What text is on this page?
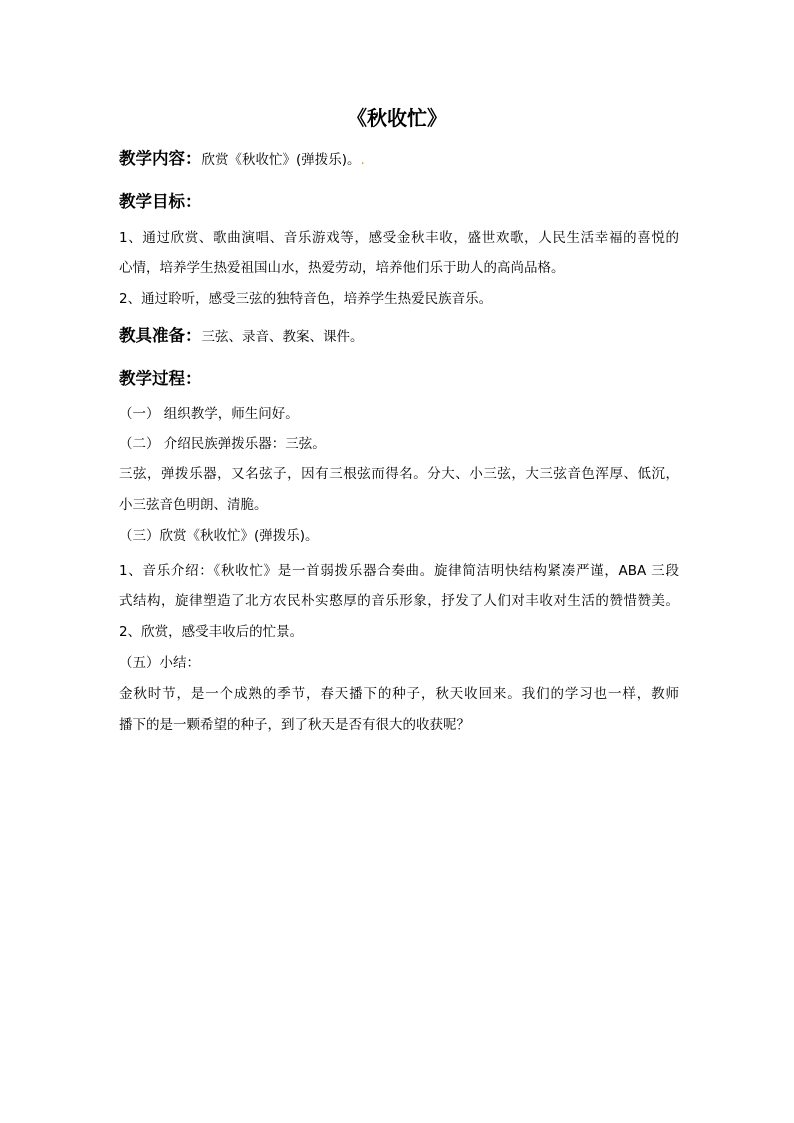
《秋收忙》
教学内容：欣赏《秋收忙》(弹拨乐)。.
教学目标：
1、通过欣赏、歌曲演唱、音乐游戏等，感受金秋丰收，盛世欢歌，人民生活幸福的喜悦的
心情，培养学生热爱祖国山水，热爱劳动，培养他们乐于助人的高尚品格。
2、通过聆听，感受三弦的独特音色，培养学生热爱民族音乐。
教具准备：三弦、录音、教案、课件。
教学过程：
（一） 组织教学，师生问好。
（二） 介绍民族弹拨乐器：三弦。
三弦，弹拨乐器，又名弦子，因有三根弦而得名。分大、小三弦，大三弦音色浑厚、低沉，
小三弦音色明朗、清脆。
（三）欣赏《秋收忙》(弹拨乐)。
1、音乐介绍：《秋收忙》是一首弱拨乐器合奏曲。旋律简洁明快结构紧凑严谨，ABA 三段
式结构，旋律塑造了北方农民朴实憨厚的音乐形象，抒发了人们对丰收对生活的赞惜赞美。
2、欣赏，感受丰收后的忙景。
（五）小结：
金秋时节，是一个成熟的季节，春天播下的种子，秋天收回来。我们的学习也一样，教师
播下的是一颗希望的种子，到了秋天是否有很大的收获呢？
